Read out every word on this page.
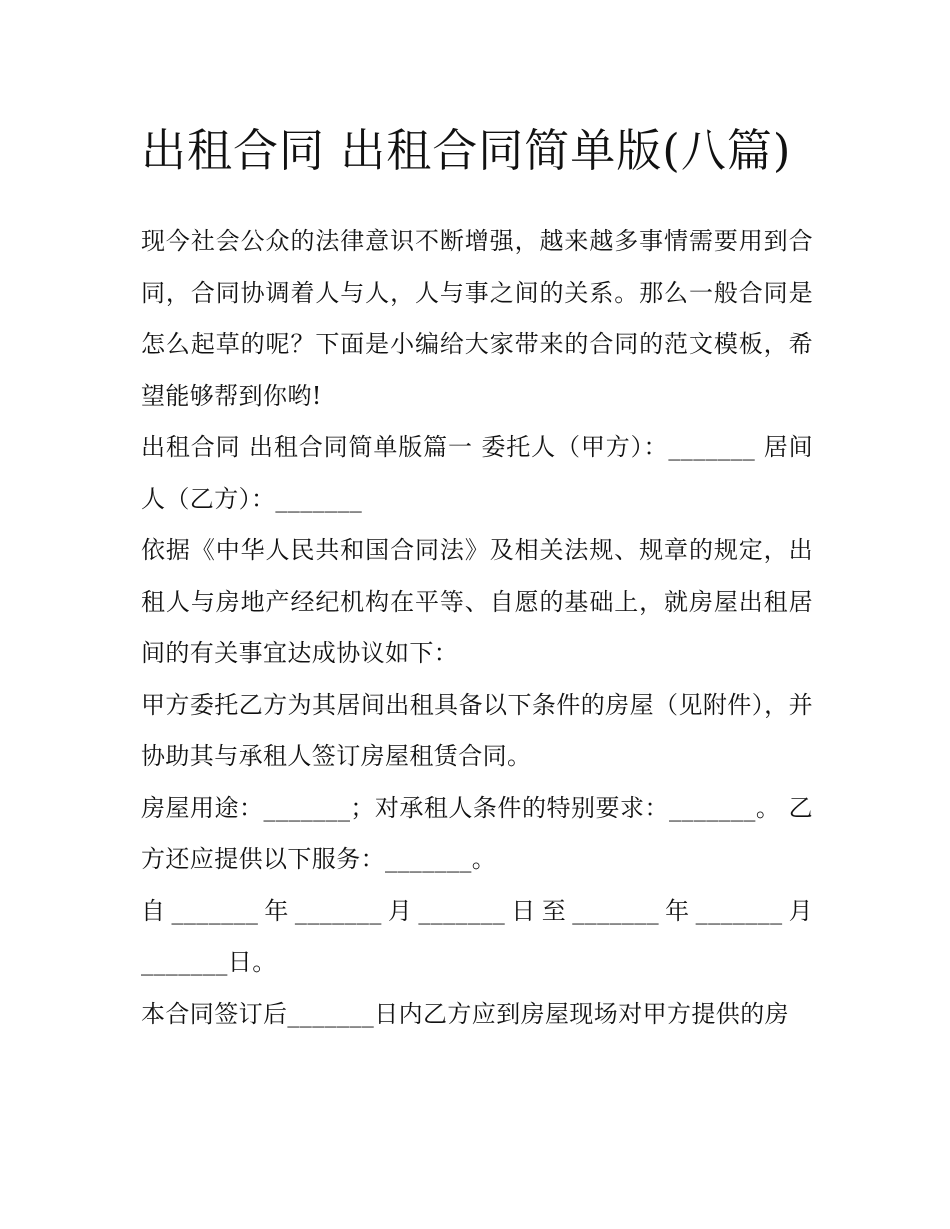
出租合同 出租合同简单版(八篇)

现今社会公众的法律意识不断增强，越来越多事情需要用到合同，合同协调着人与人，人与事之间的关系。那么一般合同是怎么起草的呢？下面是小编给大家带来的合同的范文模板，希望能够帮到你哟!

出租合同 出租合同简单版篇一 委托人（甲方）：_______ 居间人（乙方）：_______

依据《中华人民共和国合同法》及相关法规、规章的规定，出租人与房地产经纪机构在平等、自愿的基础上，就房屋出租居间的有关事宜达成协议如下：

甲方委托乙方为其居间出租具备以下条件的房屋（见附件），并协助其与承租人签订房屋租赁合同。

房屋用途：_______；对承租人条件的特别要求：_______。 乙方还应提供以下服务：_______。

自_______年_______月_______日至_______年_______月_______日。

本合同签订后_______日内乙方应到房屋现场对甲方提供的房
